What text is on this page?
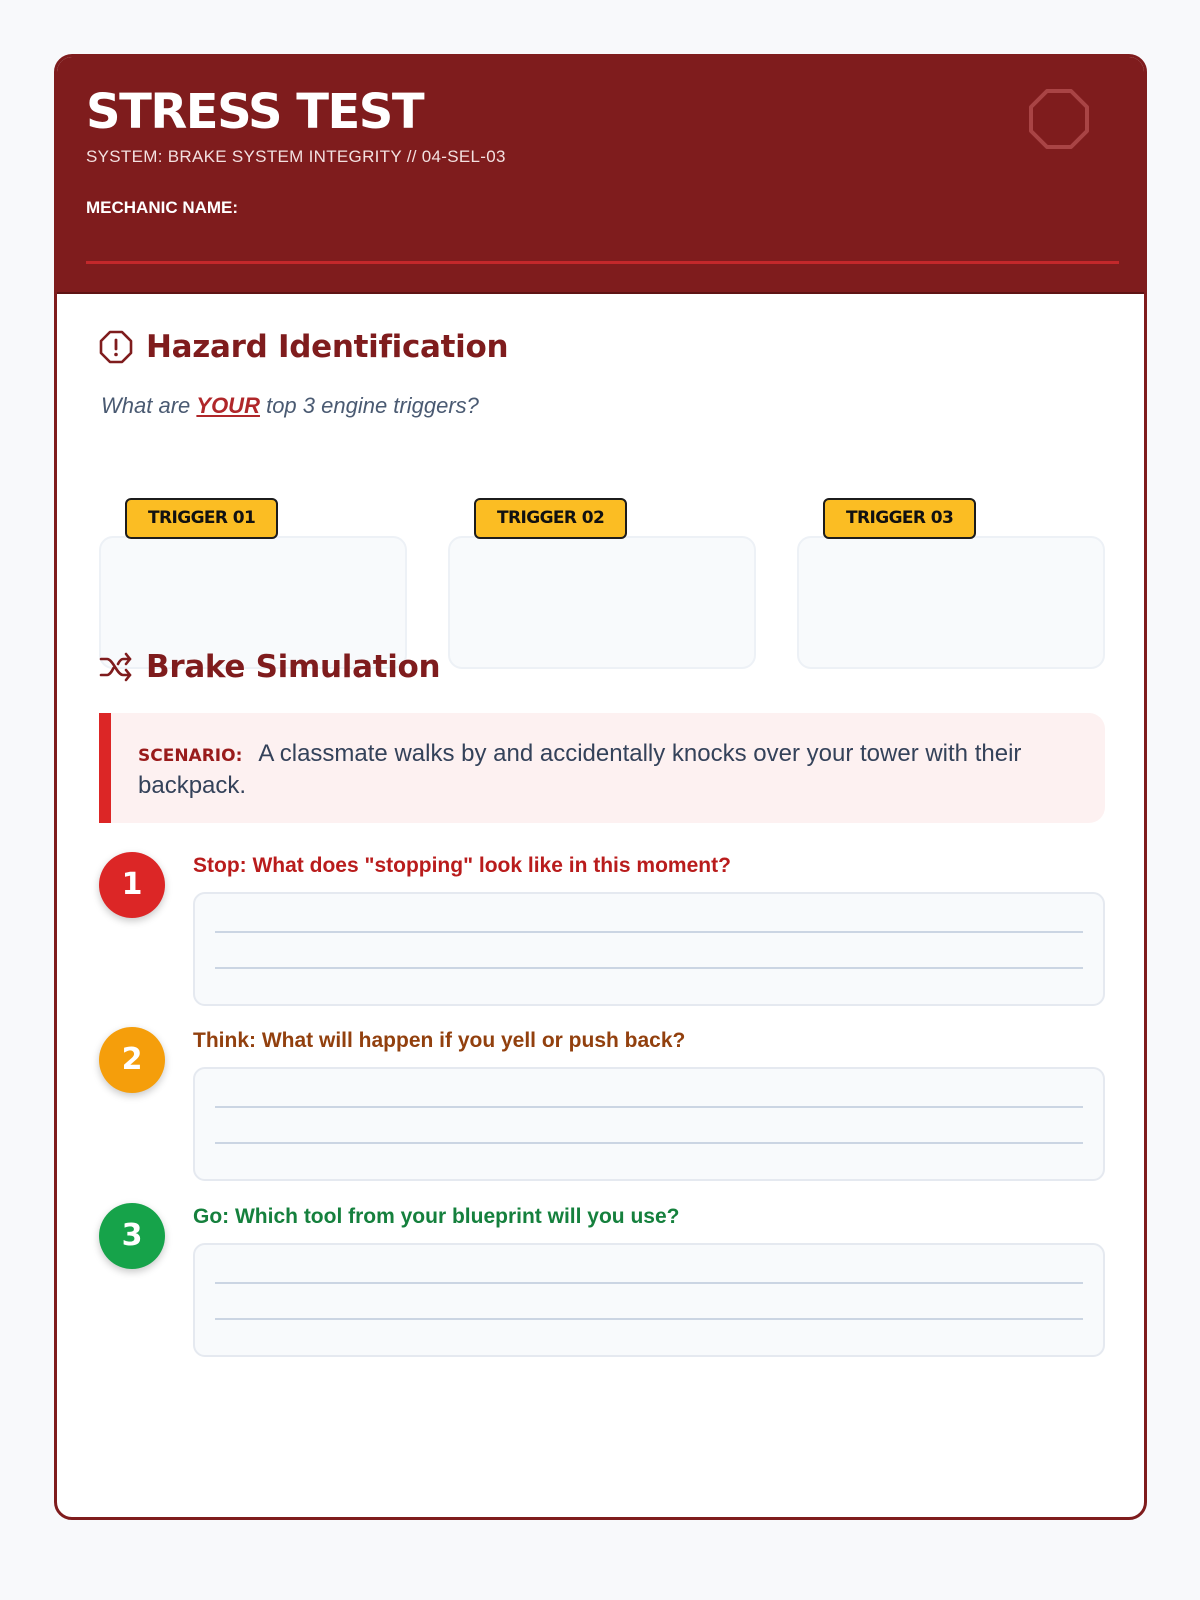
STRESS TEST
SYSTEM: BRAKE SYSTEM INTEGRITY // 04-SEL-03
MECHANIC NAME:
Hazard Identification
What are YOUR top 3 engine triggers?
TRIGGER 01	TRIGGER 02	TRIGGER 03
Brake Simulation
SCENARIO: A classmate walks by and accidentally knocks over your tower with their backpack.
1
Stop: What does "stopping" look like in this moment?
2
Think: What will happen if you yell or push back?
3
Go: Which tool from your blueprint will you use?
